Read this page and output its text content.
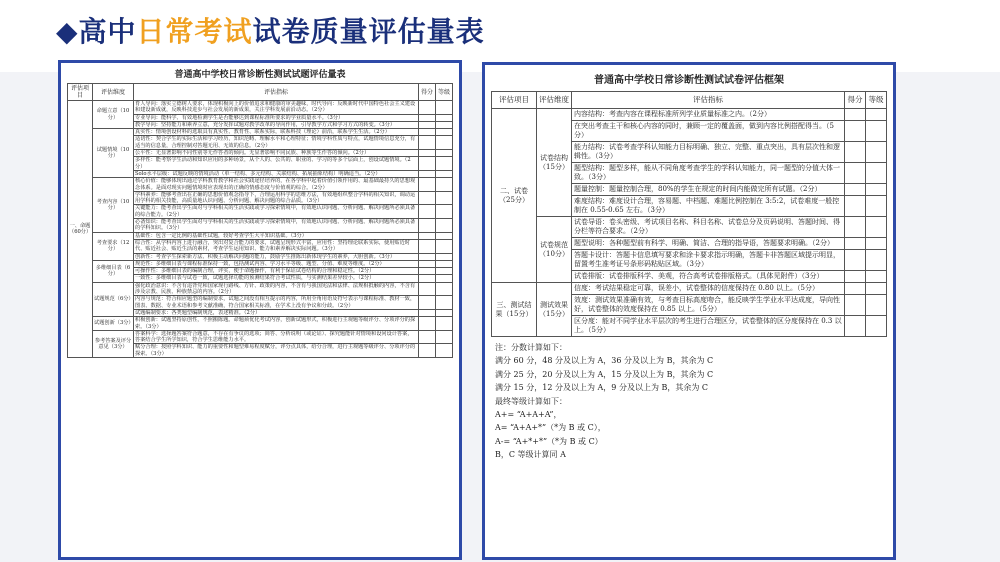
◆高中日常考试试卷质量评估量表
普通高中学校日常诊断性测试试题评估量表
评估项目	评估维度	评估指标	得分	等级
一、命题（60分）	命题立意（10分）	育人导向：落实立德树人要求，体现积极向上的价值追求和健康的审美趣味，时代导向：反映新时代中国特色社会主义建设和建设新成就，反映科技进步与社会发展的新成果，关注学科发展前沿动态。（2分）		
		专业导向：能科学、有效地检测学生是否能够达到课程标准所要求的学业质量水平。（3分）		
		教学导向：坚持能力和素养立意，充分发挥试题对教学改革的导向作用，引导教学方式和学习方式的转变。（3分）		
	试题情境（10分）	真实性：情境创设材料的选取具有真实性、教育性、联系实际，联系科技（理论）前沿，联系学生生活。（2分）		
		适切性：契合学生的实际生活和学习经历，知识范畴、理解水平和心理特征；情境学科性质与特点，试题情境信息充分，有适当的信息量，合理控制对答题无用、无效的信息。（2分）		
		公平性：无显著影响不同性别等无作答者的倾向。无显著影响不同民族、种族等生作答的倾向。（2分）		
		多样性：能考察学生活动和知识应用的多种场景，从个人的、公共的、职业的、学习的等多个层面上，创设试题情境。（2分）		
		Solo水平层级：试题反映的情境活动（单一结构、多元结构、关联结构、拓展抽象结构）明确适当。（2分）		
	考查内容（10分）	核心价值：能够体现出通过学科教育教学和社会实践途径培养的，在各学科中起着价值引领作用的、最基础最持久的思想观念体系。是面对现实问题情境时应表现出的正确的情感态度与价值观的综合。（2分）		
		学科素养：能够考查出在正确的思想价值观念指导下，合理运用科学的思维方法，有效地组织整合学科的相关知识，调动运用学科的相关技能，高质量地认识问题、分析问题、解决问题的综合品质。（3分）		
		关键能力：能考查出学生面对与学科相关的生活实践或学习探索情境中，有效地认识问题、分析问题、解决问题所必须具备的综合能力。（2分）		
		必备知识：能考查出学生面对与学科相关的生活实践或学习探索情境中，有效地认识问题、分析问题、解决问题所必须具备的学科知识。（3分）		
	考查要求（12分）	基础性：包含一定比例的基础性试题，较好考查学生大平知识基础。（3分）		
		综合性：从学科内容上进行融合，突出对复合能力的要求，试题呈现形式丰富，应用性：坚持理论联系实际，使用贴近时代、贴近社会、贴近生活的素材，考查学生运用知识、能力和素养解决实际问题。（3分）		
		创新性：考查学生探索新方法、积极主动解决问题的能力，鼓励学生推陈出新体现学生的素养，大胆创新。（3分）		
	多维细目表（6分）	规范性：多维细目表与课程标准保持一致，包括测试内容、学习水平等级、题型、分值、难度等维度。（2分）		
		可操作性：多维细目表的编制合理，评实，便于命题操作，有利于保证试卷结构的合理和稳定性。（2分）		
		一致性：多维细目表与试卷一致，试题选择功能的预测结果符合考试性质，与实测结果差异较小。（2分）		
	试题规范（6分）	强化政治意识：不含有违背党和国家现行路线、方针、政策的内容，不含有与我国宪法和法律、法规相抵触的内容，不含有涉及宗教、民族、种族禁忌的内容。（2分）		
		内容与规范：符合相应题型的编制要求，试题之间没有相互提示的内容，所用全角用语及符号表示与课程标准、教材一致，图表、数据、专业术语和参考文献准确，符合国家相关标准，在学术上没有争议和分歧。（2分）		
		试题编制要求：各类题型编制规范，表述精准。（2分）		
	试题创新（3分）	积极创新：试题坚持原创性，不照搬陈题。命题须优化考试内容，创新试题形式，积极进行主观题等级评分、分项评分的探索。（3分）		
	参考答案及评分意见（3分）	答案科学：选择题答案符合题意，不存在有争议的选项；简答、分析说明（或论证）、探究题能针对情境和设问设计答案，答案结合学生所学知识，符合学生思维能力水平。		
		赋分合理：按照学科知识、能力的重要性和题型难易程度赋分，评分点具体，给分合理，进行主观题等级评分、分项评分的探索。（3分）		
普通高中学校日常诊断性测试试卷评估框架
评估项目	评估维度	评估指标	得分	等级
二、试卷（25分）	试卷结构（15分）	内容结构：考查内容在课程标准所列学业质量标准之内。（2分）		
		在突出考查主干和核心内容的同时，兼顾一定的覆盖面，做到内容比例搭配得当。（5分）		
		能力结构：试卷考查学科认知能力目标明确、独立、完整、重点突出，具有层次性和逻辑性。（3分）		
		题型结构：题型多样，能从不同角度考查学生的学科认知能力，同一题型的分值大体一致。（3分）		
		题量控制：题量控制合理，80%的学生在规定的时间内能做完所有试题。（2分）		
		难度结构：难度设计合理，容易题、中档题、难题比例控制在 3:5:2，试卷难度一般控制在 0.55-0.65 左右。（3分）		
	试卷规范（10分）	试卷导语：卷头密级、考试项目名称、科目名称、试卷总分及页码说明、答题时间、得分栏等符合要求。（2分）		
		题型说明：各种题型前有科学、明确、简洁、合理的指导语，答题要求明确。（2分）		
		答题卡设计：答题卡信息填写要求和涂卡要求指示明确，答题卡非答题区域提示明显，留置考生准考证号条形码粘贴区域。（3分）		
		试卷排版：试卷排版科学、美观，符合高考试卷排版格式。（具体见附件）（3分）		
三、测试结果（15分）	测试效果（15分）	信度：考试结果稳定可靠，误差小，试卷整体的信度保持在 0.80 以上。（5分）		
		效度：测试效果准确有效，与考查目标高度吻合，能反映学生学业水平达成度，导向性好，试卷整体的效度保持在 0.85 以上。（5分）		
		区分度：能对不同学业水平层次的考生进行合理区分，试卷整体的区分度保持在 0.3 以上。（5分）		
注：分数计算如下：
满分 60 分，48 分及以上为 A，36 分及以上为 B，其余为 C
满分 25 分，20 分及以上为 A，15 分及以上为 B，其余为 C
满分 15 分，12 分及以上为 A，9 分及以上为 B，其余为 C
最终等级计算如下：
A+= “A+A+A”，
A= “A+A+*”（*为 B 或 C），
A-= “A+*+*”（*为 B 或 C）
B，C 等级计算同 A
